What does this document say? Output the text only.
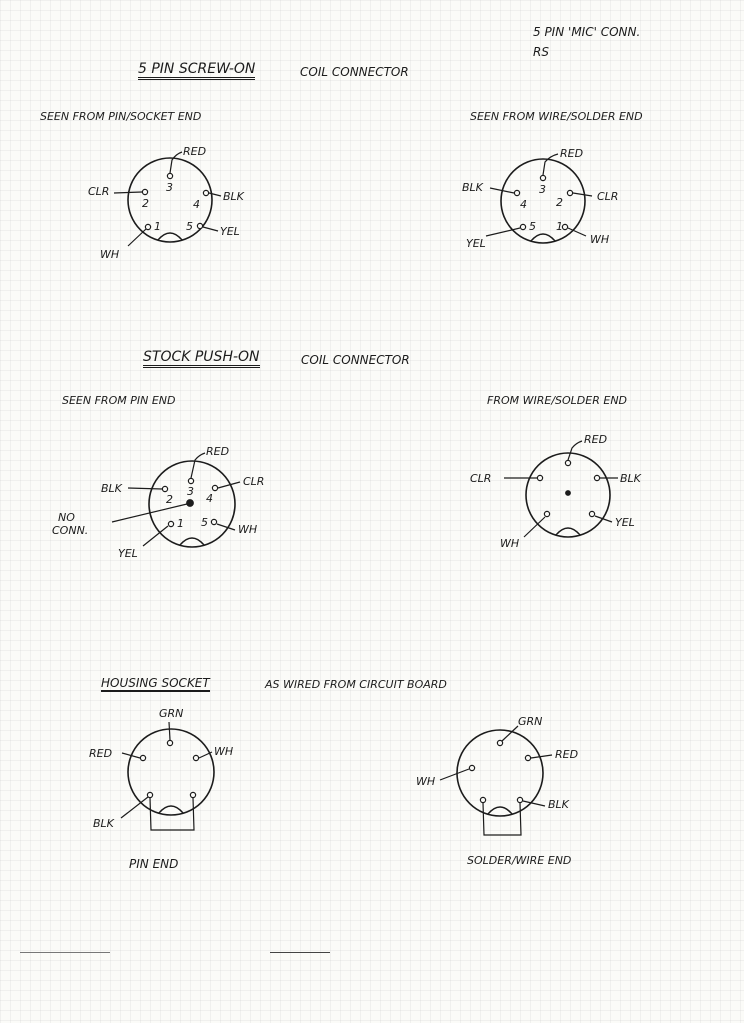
5 PIN 'MIC' CONN.
RS
5 PIN SCREW-ON	COIL CONNECTOR
SEEN FROM PIN/SOCKET END	SEEN FROM WIRE/SOLDER END
RED
CLR	BLK
YEL
WH
3
2	4
1 5
RED
BLK
CLR
YEL	WH
3
4	2
5 1
STOCK PUSH-ON	COIL CONNECTOR
SEEN FROM PIN END	FROM WIRE/SOLDER END
RED
BLK
CLR
NO
CONN.
YEL
WH
3
2	4
1 5
RED
CLR	BLK
WH
YEL
HOUSING SOCKET	AS WIRED FROM CIRCUIT BOARD
GRN
RED	WH
BLK
PIN END
GRN
WH
RED
BLK
SOLDER/WIRE END
